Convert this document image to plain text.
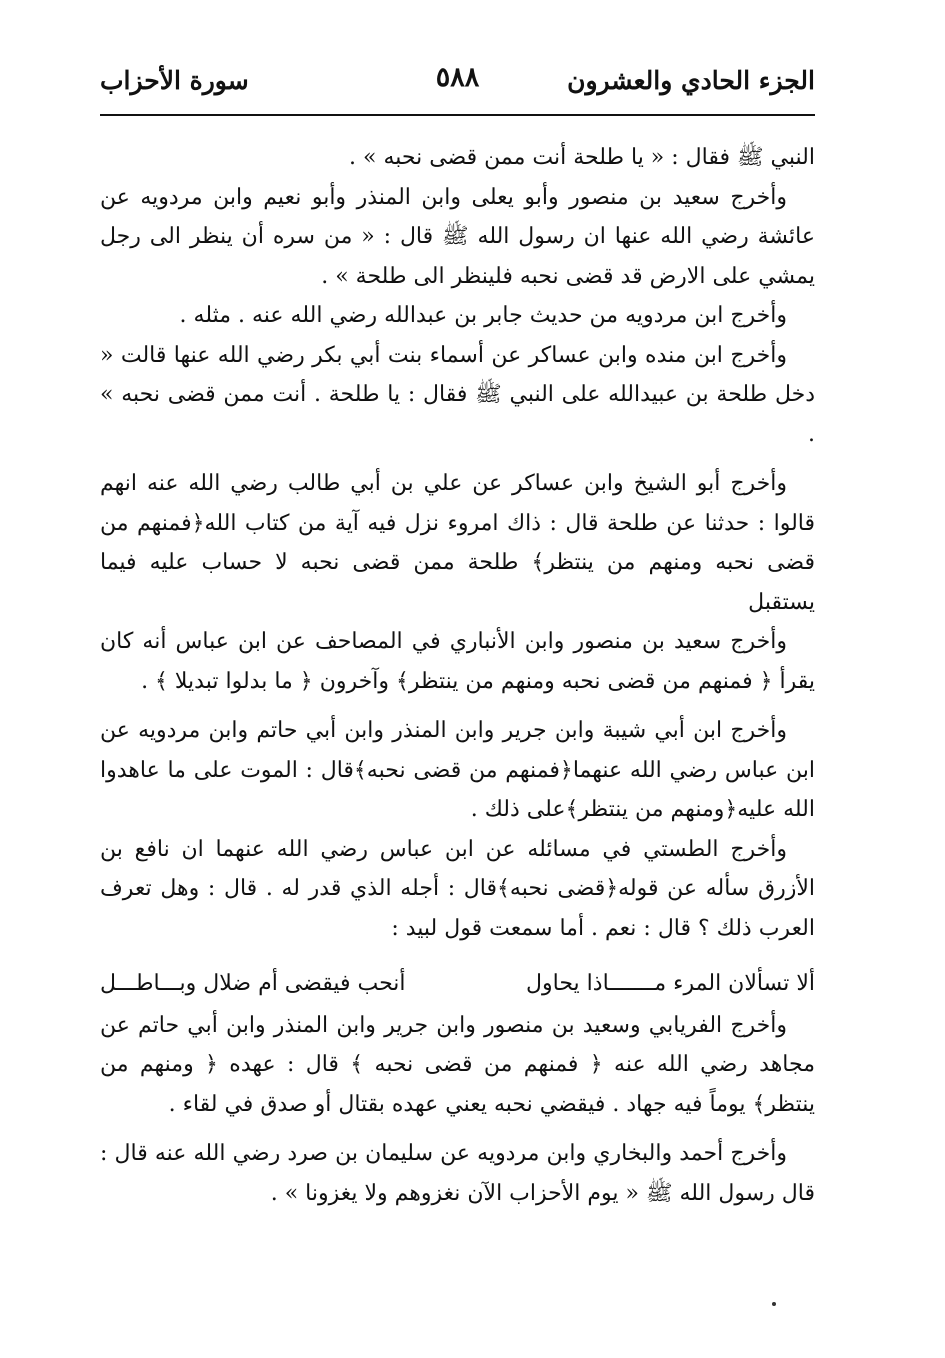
الجزء الحادي والعشرون
٥٨٨
سورة الأحزاب

النبي ﷺ فقال : « يا طلحة أنت ممن قضى نحبه » .

وأخرج سعيد بن منصور وأبو يعلى وابن المنذر وأبو نعيم وابن مردويه عن عائشة رضي الله عنها ان رسول الله ﷺ قال : « من سره أن ينظر الى رجل يمشي على الارض قد قضى نحبه فلينظر الى طلحة » .

وأخرج ابن مردويه من حديث جابر بن عبدالله رضي الله عنه . مثله .

وأخرج ابن منده وابن عساكر عن أسماء بنت أبي بكر رضي الله عنها قالت « دخل طلحة بن عبيدالله على النبي ﷺ فقال : يا طلحة . أنت ممن قضى نحبه » .

وأخرج أبو الشيخ وابن عساكر عن علي بن أبي طالب رضي الله عنه انهم قالوا : حدثنا عن طلحة قال : ذاك امروء نزل فيه آية من كتاب الله﴿فمنهم من قضى نحبه ومنهم من ينتظر﴾ طلحة ممن قضى نحبه لا حساب عليه فيما يستقبل

وأخرج سعيد بن منصور وابن الأنباري في المصاحف عن ابن عباس أنه كان يقرأ ﴿ فمنهم من قضى نحبه ومنهم من ينتظر﴾ وآخرون ﴿ ما بدلوا تبديلا ﴾ .

وأخرج ابن أبي شيبة وابن جرير وابن المنذر وابن أبي حاتم وابن مردويه عن ابن عباس رضي الله عنهما﴿فمنهم من قضى نحبه﴾قال : الموت على ما عاهدوا الله عليه﴿ومنهم من ينتظر﴾على ذلك .

وأخرج الطستي في مسائله عن ابن عباس رضي الله عنهما ان نافع بن الأزرق سأله عن قوله﴿قضى نحبه﴾قال : أجله الذي قدر له . قال : وهل تعرف العرب ذلك ؟ قال : نعم . أما سمعت قول لبيد :

ألا تسألان المرء مـــــــاذا يحاول
أنحب فيقضى أم ضلال وبـــاطـــل

وأخرج الفريابي وسعيد بن منصور وابن جرير وابن المنذر وابن أبي حاتم عن مجاهد رضي الله عنه ﴿ فمنهم من قضى نحبه ﴾ قال : عهده ﴿ ومنهم من ينتظر﴾ يوماً فيه جهاد . فيقضي نحبه يعني عهده بقتال أو صدق في لقاء .

وأخرج أحمد والبخاري وابن مردويه عن سليمان بن صرد رضي الله عنه قال : قال رسول الله ﷺ « يوم الأحزاب الآن نغزوهم ولا يغزونا » .
